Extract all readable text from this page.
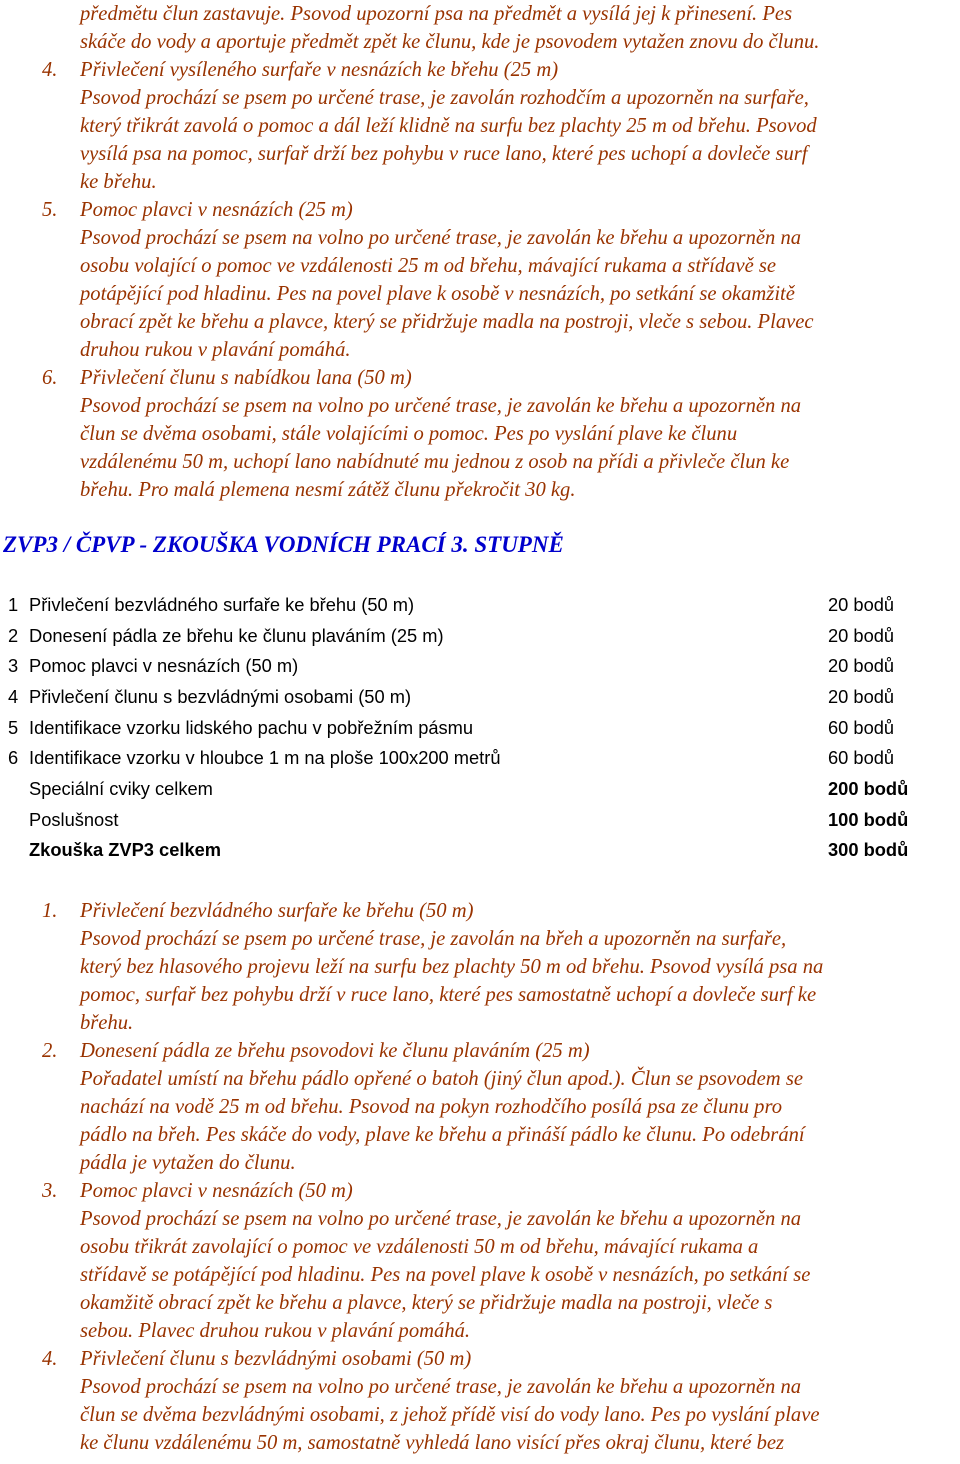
předmětu člun zastavuje. Psovod upozorní psa na předmět a vysílá jej k přinesení. Pes
skáče do vody a aportuje předmět zpět ke člunu, kde je psovodem vytažen znovu do člunu.
4. Přivlečení vysíleného surfaře v nesnázích ke břehu (25 m)
Psovod prochází se psem po určené trase, je zavolán rozhodčím a upozorněn na surfaře,
který třikrát zavolá o pomoc a dál leží klidně na surfu bez plachty 25 m od břehu. Psovod
vysílá psa na pomoc, surfař drží bez pohybu v ruce lano, které pes uchopí a dovleče surf
ke břehu.
5. Pomoc plavci v nesnázích (25 m)
Psovod prochází se psem na volno po určené trase, je zavolán ke břehu a upozorněn na
osobu volající o pomoc ve vzdálenosti 25 m od břehu, mávající rukama a střídavě se
potápějící pod hladinu. Pes na povel plave k osobě v nesnázích, po setkání se okamžitě
obrací zpět ke břehu a plavce, který se přidržuje madla na postroji, vleče s sebou. Plavec
druhou rukou v plavání pomáhá.
6. Přivlečení člunu s nabídkou lana (50 m)
Psovod prochází se psem na volno po určené trase, je zavolán ke břehu a upozorněn na
člun se dvěma osobami, stále volajícími o pomoc. Pes po vyslání plave ke člunu
vzdálenému 50 m, uchopí lano nabídnuté mu jednou z osob na přídi a přivleče člun ke
břehu. Pro malá plemena nesmí zátěž člunu překročit 30 kg.
ZVP3 / ČPVP - ZKOUŠKA VODNÍCH PRACÍ 3. STUPNĚ
1 Přivlečení bezvládného surfaře ke břehu (50 m)	20 bodů
2 Donesení pádla ze břehu ke člunu plaváním (25 m)	20 bodů
3 Pomoc plavci v nesnázích (50 m)	20 bodů
4 Přivlečení člunu s bezvládnými osobami (50 m)	20 bodů
5 Identifikace vzorku lidského pachu v pobřežním pásmu	60 bodů
6 Identifikace vzorku v hloubce 1 m na ploše 100x200 metrů	60 bodů
Speciální cviky celkem	200 bodů
Poslušnost	100 bodů
Zkouška ZVP3 celkem	300 bodů
1. Přivlečení bezvládného surfaře ke břehu (50 m)
Psovod prochází se psem po určené trase, je zavolán na břeh a upozorněn na surfaře,
který bez hlasového projevu leží na surfu bez plachty 50 m od břehu. Psovod vysílá psa na
pomoc, surfař bez pohybu drží v ruce lano, které pes samostatně uchopí a dovleče surf ke
břehu.
2. Donesení pádla ze břehu psovodovi ke člunu plaváním (25 m)
Pořadatel umístí na břehu pádlo opřené o batoh (jiný člun apod.). Člun se psovodem se
nachází na vodě 25 m od břehu. Psovod na pokyn rozhodčího posílá psa ze člunu pro
pádlo na břeh. Pes skáče do vody, plave ke břehu a přináší pádlo ke člunu. Po odebrání
pádla je vytažen do člunu.
3. Pomoc plavci v nesnázích (50 m)
Psovod prochází se psem na volno po určené trase, je zavolán ke břehu a upozorněn na
osobu třikrát zavolající o pomoc ve vzdálenosti 50 m od břehu, mávající rukama a
střídavě se potápějící pod hladinu. Pes na povel plave k osobě v nesnázích, po setkání se
okamžitě obrací zpět ke břehu a plavce, který se přidržuje madla na postroji, vleče s
sebou. Plavec druhou rukou v plavání pomáhá.
4. Přivlečení člunu s bezvládnými osobami (50 m)
Psovod prochází se psem na volno po určené trase, je zavolán ke břehu a upozorněn na
člun se dvěma bezvládnými osobami, z jehož přídě visí do vody lano. Pes po vyslání plave
ke člunu vzdálenému 50 m, samostatně vyhledá lano visící přes okraj člunu, které bez
